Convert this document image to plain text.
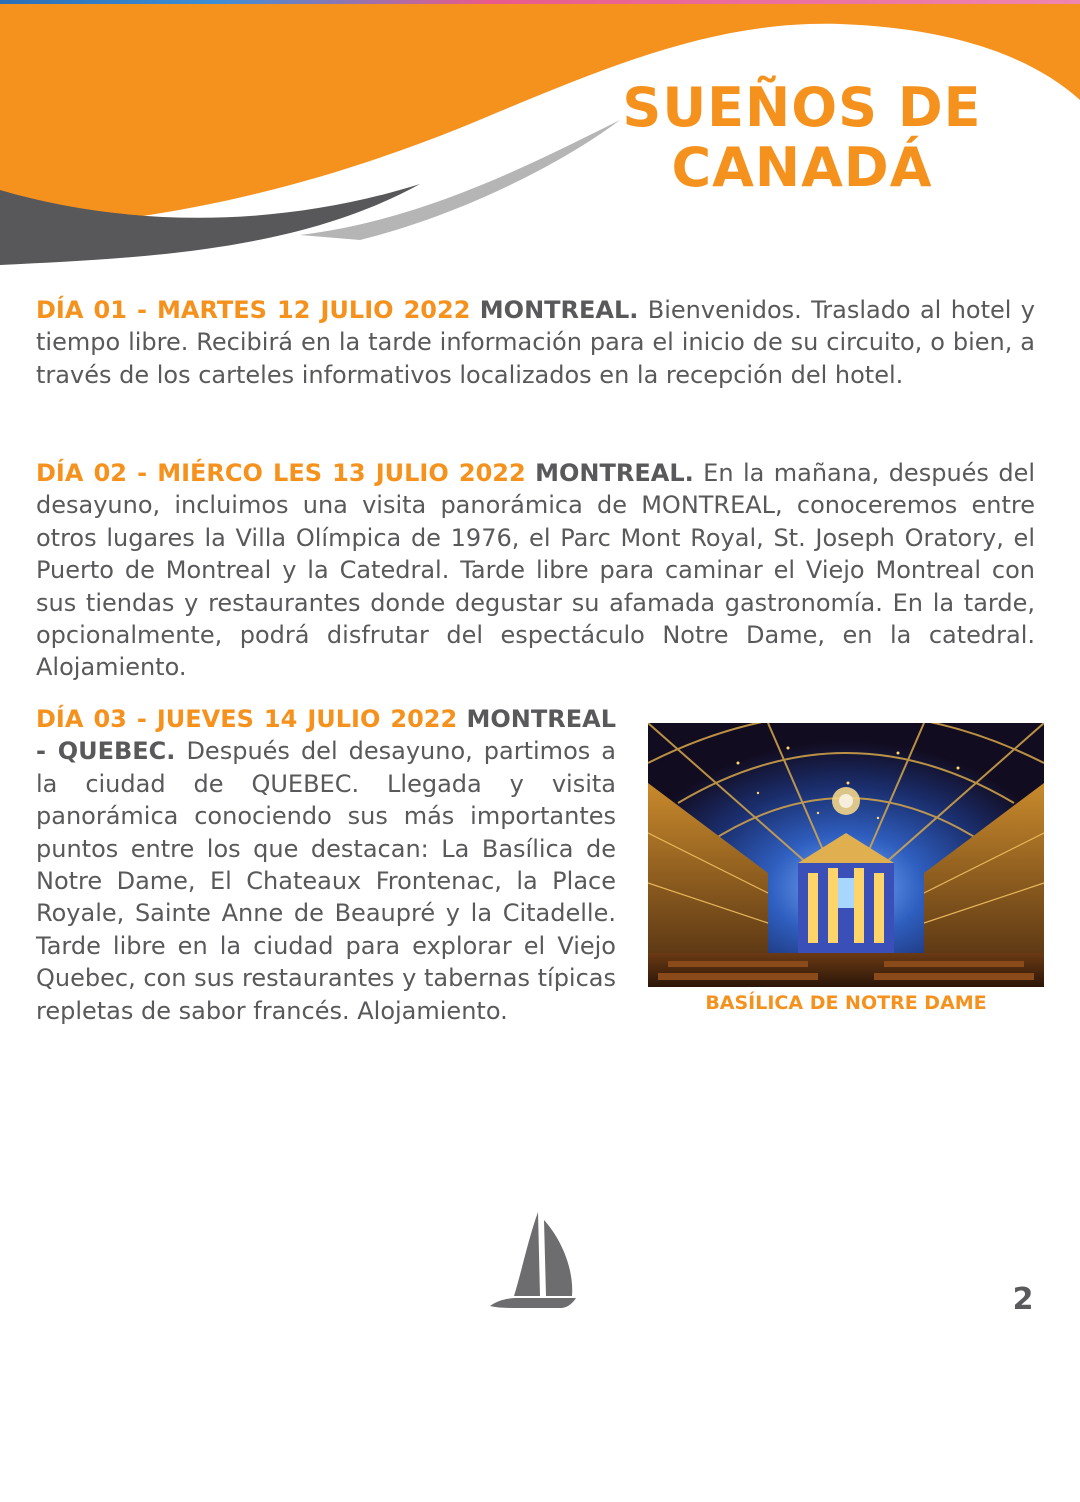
SUEÑOS DE
CANADÁ

DÍA 01 - MARTES 12 JULIO 2022 MONTREAL. Bienvenidos. Traslado al hotel y tiempo libre. Recibirá en la tarde información para el inicio de su circuito, o bien, a través de los carteles informativos localizados en la recepción del hotel.

DÍA 02 - MIÉRCO LES 13 JULIO 2022 MONTREAL. En la mañana, después del desayuno, incluimos una visita panorámica de MONTREAL, conoceremos entre otros lugares la Villa Olímpica de 1976, el Parc Mont Royal, St. Joseph Oratory, el Puerto de Montreal y la Catedral. Tarde libre para caminar el Viejo Montreal con sus tiendas y restaurantes donde degustar su afamada gastronomía. En la tarde, opcionalmente, podrá disfrutar del espectáculo Notre Dame, en la catedral. Alojamiento.

DÍA 03 - JUEVES 14 JULIO 2022 MONTREAL - QUEBEC. Después del desayuno, partimos a la ciudad de QUEBEC. Llegada y visita panorámica conociendo sus más importantes puntos entre los que destacan: La Basílica de Notre Dame, El Chateaux Frontenac, la Place Royale, Sainte Anne de Beaupré y la Citadelle. Tarde libre en la ciudad para explorar el Viejo Quebec, con sus restaurantes y tabernas típicas repletas de sabor francés. Alojamiento.	BASÍLICA DE NOTRE DAME

2
